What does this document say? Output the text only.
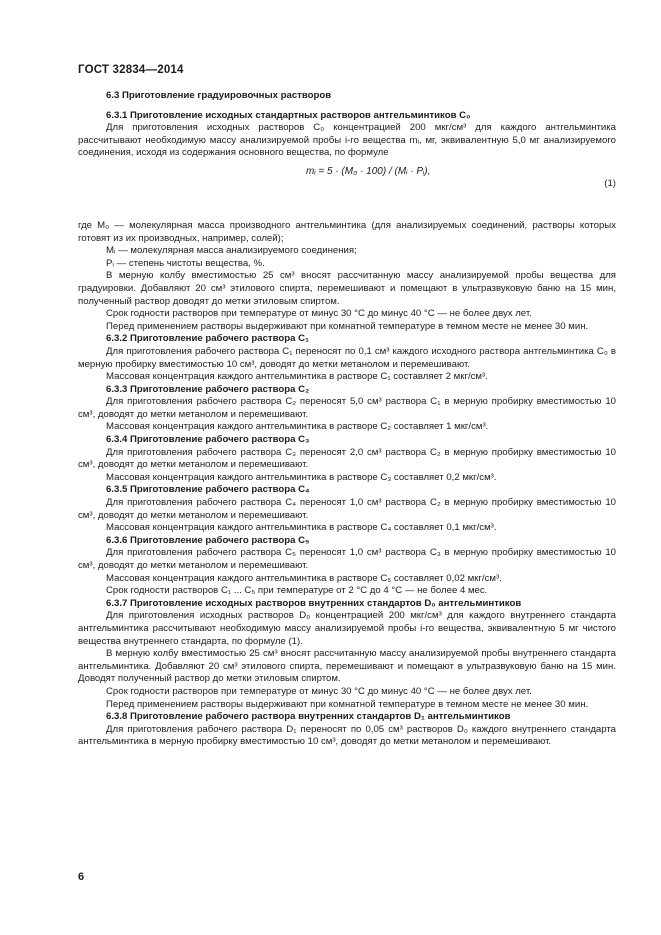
ГОСТ 32834—2014

6.3 Приготовление градуировочных растворов

6.3.1 Приготовление исходных стандартных растворов антгельминтиков C₀

Для приготовления исходных растворов C₀ концентрацией 200 мкг/см³ для каждого антгельминтика рассчитывают необходимую массу анализируемой пробы i-го вещества mᵢ, мг, эквивалентную 5,0 мг анализируемого соединения, исходя из содержания основного вещества, по формуле

mᵢ = 5 · (M₀ · 100) / (Mᵢ · Pᵢ),
(1)

где M₀ — молекулярная масса производного антгельминтика (для анализируемых соединений, растворы которых готовят из их производных, например, солей);

Mᵢ — молекулярная масса анализируемого соединения;

Pᵢ — степень чистоты вещества, %.

В мерную колбу вместимостью 25 см³ вносят рассчитанную массу анализируемой пробы вещества для градуировки. Добавляют 20 см³ этилового спирта, перемешивают и помещают в ультразвуковую баню на 15 мин, полученный раствор доводят до метки этиловым спиртом.

Срок годности растворов при температуре от минус 30 °С до минус 40 °С — не более двух лет.

Перед применением растворы выдерживают при комнатной температуре в темном месте не менее 30 мин.

6.3.2 Приготовление рабочего раствора C₁

Для приготовления рабочего раствора C₁ переносят по 0,1 см³ каждого исходного раствора антгельминтика C₀ в мерную пробирку вместимостью 10 см³, доводят до метки метанолом и перемешивают.

Массовая концентрация каждого антгельминтика в растворе C₁ составляет 2 мкг/см³.

6.3.3 Приготовление рабочего раствора C₂

Для приготовления рабочего раствора C₂ переносят 5,0 см³ раствора C₁ в мерную пробирку вместимостью 10 см³, доводят до метки метанолом и перемешивают.

Массовая концентрация каждого антгельминтика в растворе C₂ составляет 1 мкг/см³.

6.3.4 Приготовление рабочего раствора C₃

Для приготовления рабочего раствора C₃ переносят 2,0 см³ раствора C₂ в мерную пробирку вместимостью 10 см³, доводят до метки метанолом и перемешивают.

Массовая концентрация каждого антгельминтика в растворе C₃ составляет 0,2 мкг/см³.

6.3.5 Приготовление рабочего раствора C₄

Для приготовления рабочего раствора C₄ переносят 1,0 см³ раствора C₂ в мерную пробирку вместимостью 10 см³, доводят до метки метанолом и перемешивают.

Массовая концентрация каждого антгельминтика в растворе C₄ составляет 0,1 мкг/см³.

6.3.6 Приготовление рабочего раствора C₅

Для приготовления рабочего раствора C₅ переносят 1,0 см³ раствора C₃ в мерную пробирку вместимостью 10 см³, доводят до метки метанолом и перемешивают.

Массовая концентрация каждого антгельминтика в растворе C₅ составляет 0,02 мкг/см³.

Срок годности растворов C₁ ... C₅ при температуре от 2 °С до 4 °С — не более 4 мес.

6.3.7 Приготовление исходных растворов внутренних стандартов D₀ антгельминтиков

Для приготовления исходных растворов D₀ концентрацией 200 мкг/см³ для каждого внутреннего стандарта антгельминтика рассчитывают необходимую массу анализируемой пробы i-го вещества, эквивалентную 5 мг чистого вещества внутреннего стандарта, по формуле (1).

В мерную колбу вместимостью 25 см³ вносят рассчитанную массу анализируемой пробы внутреннего стандарта антгельминтика. Добавляют 20 см³ этилового спирта, перемешивают и помещают в ультразвуковую баню на 15 мин. Доводят полученный раствор до метки этиловым спиртом.

Срок годности растворов при температуре от минус 30 °С до минус 40 °С — не более двух лет.

Перед применением растворы выдерживают при комнатной температуре в темном месте не менее 30 мин.

6.3.8 Приготовление рабочего раствора внутренних стандартов D₁ антгельминтиков

Для приготовления рабочего раствора D₁ переносят по 0,05 см³ растворов D₀ каждого внутреннего стандарта антгельминтика в мерную пробирку вместимостью 10 см³, доводят до метки метанолом и перемешивают.

6
